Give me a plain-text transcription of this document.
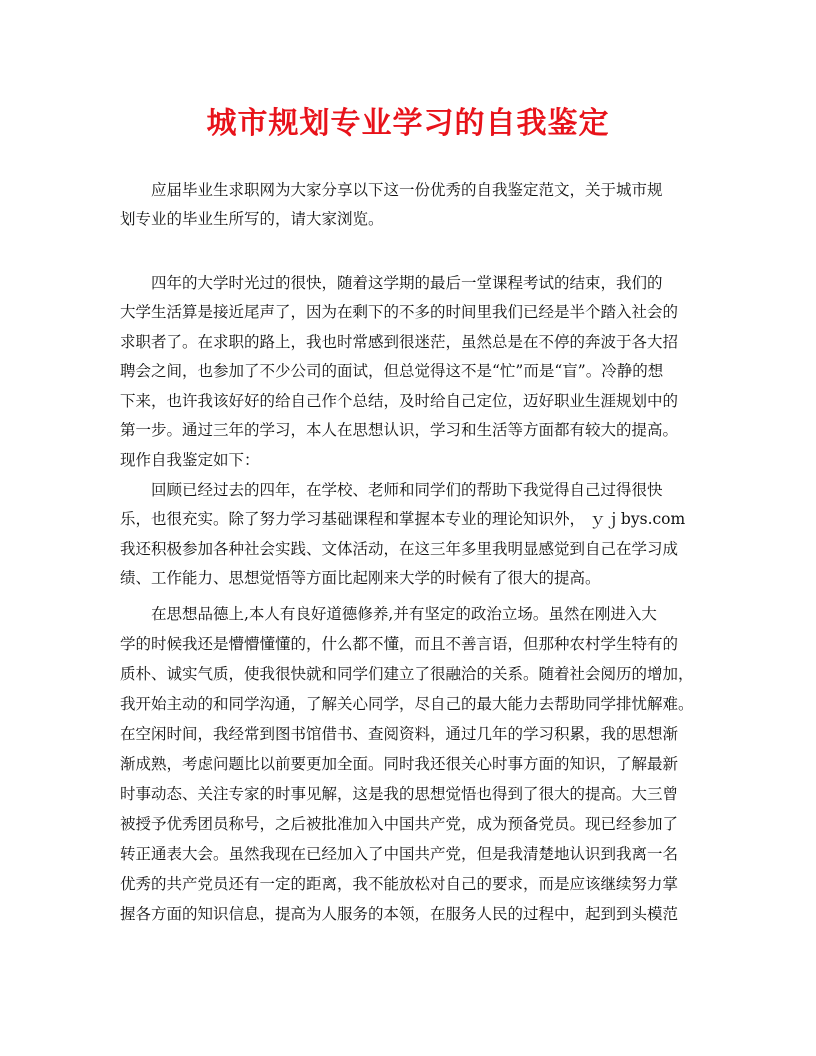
城市规划专业学习的自我鉴定

　　应届毕业生求职网为大家分享以下这一份优秀的自我鉴定范文，关于城市规

划专业的毕业生所写的，请大家浏览。

　　四年的大学时光过的很快，随着这学期的最后一堂课程考试的结束，我们的

大学生活算是接近尾声了，因为在剩下的不多的时间里我们已经是半个踏入社会的

求职者了。在求职的路上，我也时常感到很迷茫，虽然总是在不停的奔波于各大招

聘会之间，也参加了不少公司的面试，但总觉得这不是“忙”而是“盲”。冷静的想

下来，也许我该好好的给自己作个总结，及时给自己定位，迈好职业生涯规划中的

第一步。通过三年的学习，本人在思想认识，学习和生活等方面都有较大的提高。

现作自我鉴定如下：

　　回顾已经过去的四年，在学校、老师和同学们的帮助下我觉得自己过得很快

乐，也很充实。除了努力学习基础课程和掌握本专业的理论知识外， ｙｊbys.com

我还积极参加各种社会实践、文体活动，在这三年多里我明显感觉到自己在学习成

绩、工作能力、思想觉悟等方面比起刚来大学的时候有了很大的提高。

　　在思想品德上,本人有良好道德修养,并有坚定的政治立场。虽然在刚进入大

学的时候我还是懵懵懂懂的，什么都不懂，而且不善言语，但那种农村学生特有的

质朴、诚实气质，使我很快就和同学们建立了很融洽的关系。随着社会阅历的增加，

我开始主动的和同学沟通，了解关心同学，尽自己的最大能力去帮助同学排忧解难。

在空闲时间，我经常到图书馆借书、查阅资料，通过几年的学习积累，我的思想渐

渐成熟，考虑问题比以前要更加全面。同时我还很关心时事方面的知识，了解最新

时事动态、关注专家的时事见解，这是我的思想觉悟也得到了很大的提高。大三曾

被授予优秀团员称号，之后被批准加入中国共产党，成为预备党员。现已经参加了

转正通表大会。虽然我现在已经加入了中国共产党，但是我清楚地认识到我离一名

优秀的共产党员还有一定的距离，我不能放松对自己的要求，而是应该继续努力掌

握各方面的知识信息，提高为人服务的本领，在服务人民的过程中，起到到头模范
